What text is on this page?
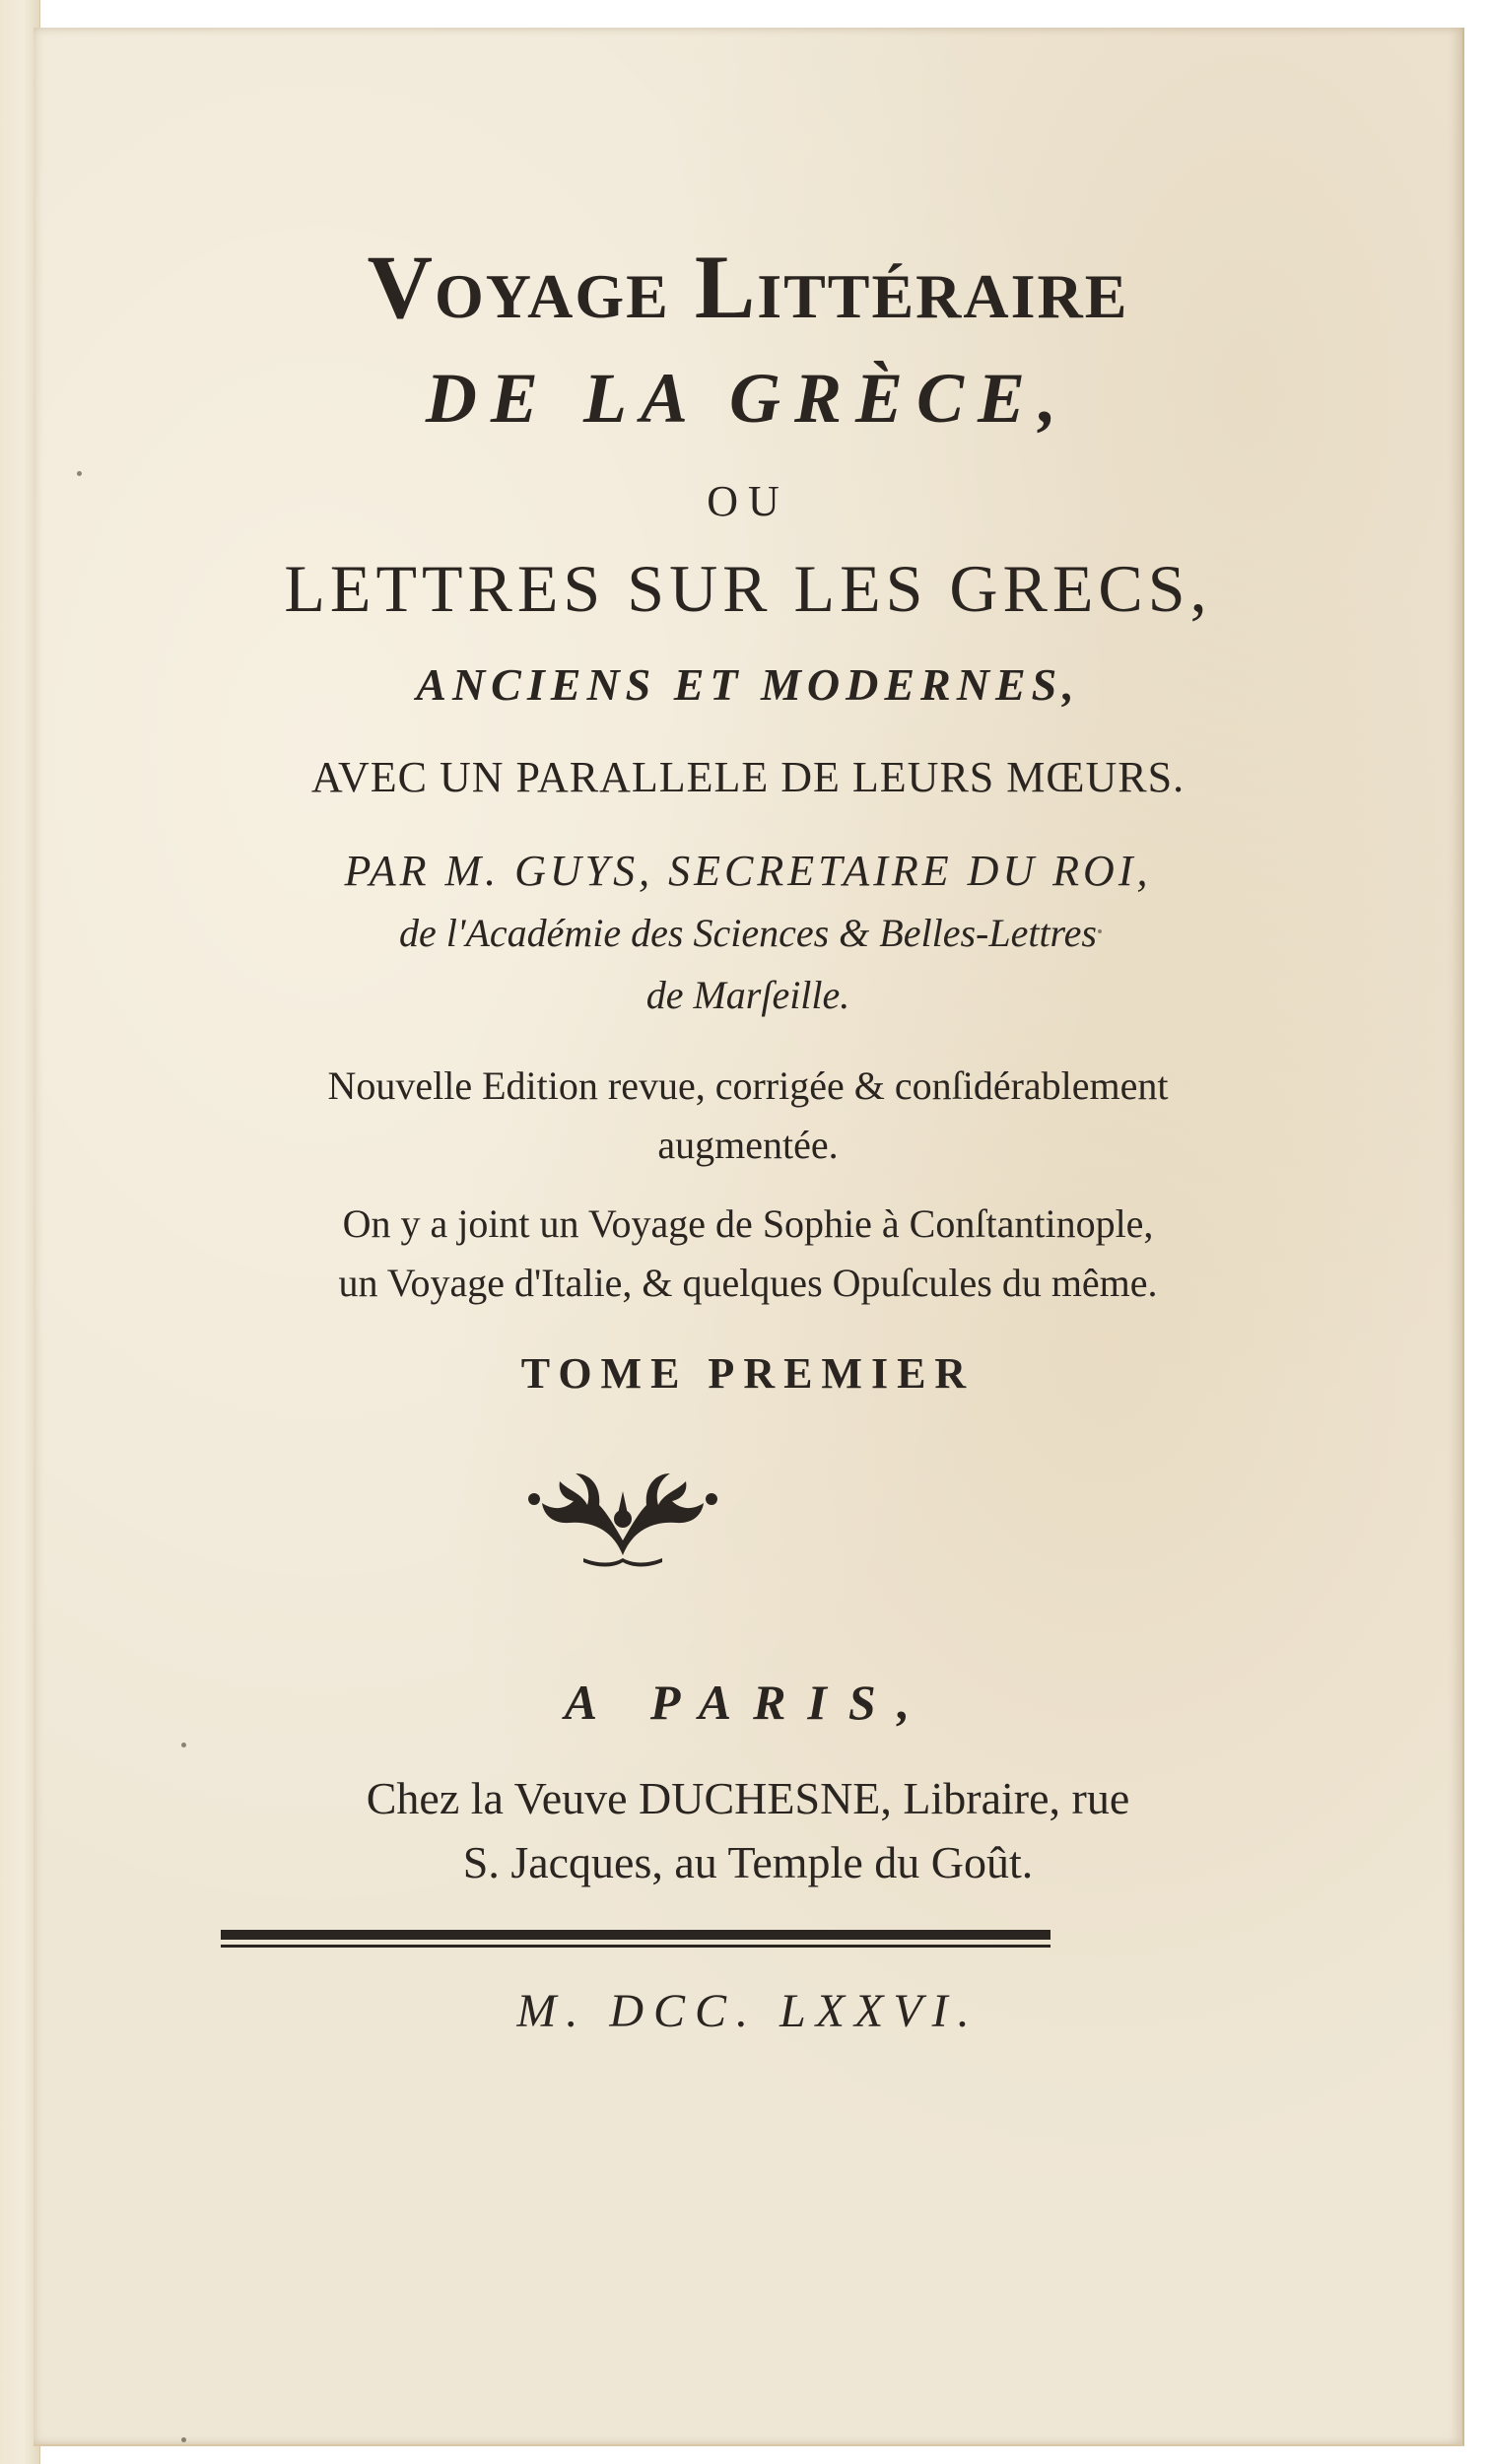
Voyage Littéraire
DE LA GRÈCE,
OU
LETTRES SUR LES GRECS,
ANCIENS ET MODERNES,
AVEC UN PARALLELE DE LEURS MŒURS.
PAR M. GUYS, SECRETAIRE DU ROI,
de l'Académie des Sciences & Belles-Lettres
de Marſeille.
Nouvelle Edition revue, corrigée & conſidérablement
augmentée.
On y a joint un Voyage de Sophie à Conſtantinople,
un Voyage d'Italie, & quelques Opuſcules du même.
TOME PREMIER
A PARIS,
Chez la Veuve DUCHESNE, Libraire, rue
S. Jacques, au Temple du Goût.
M. DCC. LXXVI.
